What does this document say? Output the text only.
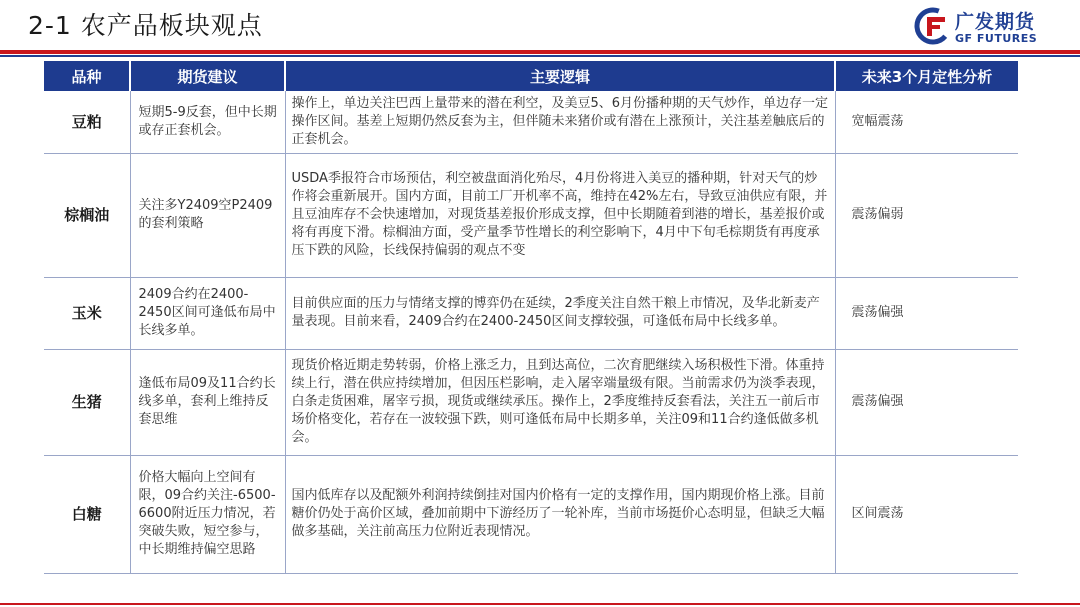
2-1 农产品板块观点	广发期货
GF FUTURES
品种	期货建议	主要逻辑	未来3个月定性分析
豆粕	短期5-9反套，但中长期或存正套机会。	操作上，单边关注巴西上量带来的潜在利空，及美豆5、6月份播种期的天气炒作，单边存一定操作区间。基差上短期仍然反套为主，但伴随未来猪价或有潜在上涨预计，关注基差触底后的正套机会。	宽幅震荡
棕榈油	关注多Y2409空P2409的套利策略	USDA季报符合市场预估，利空被盘面消化殆尽，4月份将进入美豆的播种期，针对天气的炒作将会重新展开。国内方面，目前工厂开机率不高，维持在42%左右，导致豆油供应有限，并且豆油库存不会快速增加，对现货基差报价形成支撑，但中长期随着到港的增长，基差报价或将有再度下滑。棕榈油方面，受产量季节性增长的利空影响下，4月中下旬毛棕期货有再度承压下跌的风险，长线保持偏弱的观点不变	震荡偏弱
玉米	2409合约在2400-2450区间可逢低布局中长线多单。	目前供应面的压力与情绪支撑的博弈仍在延续，2季度关注自然干粮上市情况，及华北新麦产量表现。目前来看，2409合约在2400-2450区间支撑较强，可逢低布局中长线多单。	震荡偏强
生猪	逢低布局09及11合约长线多单，套利上维持反套思维	现货价格近期走势转弱，价格上涨乏力，且到达高位，二次育肥继续入场积极性下滑。体重持续上行，潜在供应持续增加，但因压栏影响，走入屠宰端量级有限。当前需求仍为淡季表现，白条走货困难，屠宰亏损，现货或继续承压。操作上，2季度维持反套看法，关注五一前后市场价格变化，若存在一波较强下跌，则可逢低布局中长期多单，关注09和11合约逢低做多机会。	震荡偏强
白糖	价格大幅向上空间有限，09合约关注-6500-6600附近压力情况，若突破失败，短空参与，中长期维持偏空思路	国内低库存以及配额外利润持续倒挂对国内价格有一定的支撑作用，国内期现价格上涨。目前糖价仍处于高价区域，叠加前期中下游经历了一轮补库，当前市场挺价心态明显，但缺乏大幅做多基础，关注前高压力位附近表现情况。	区间震荡
